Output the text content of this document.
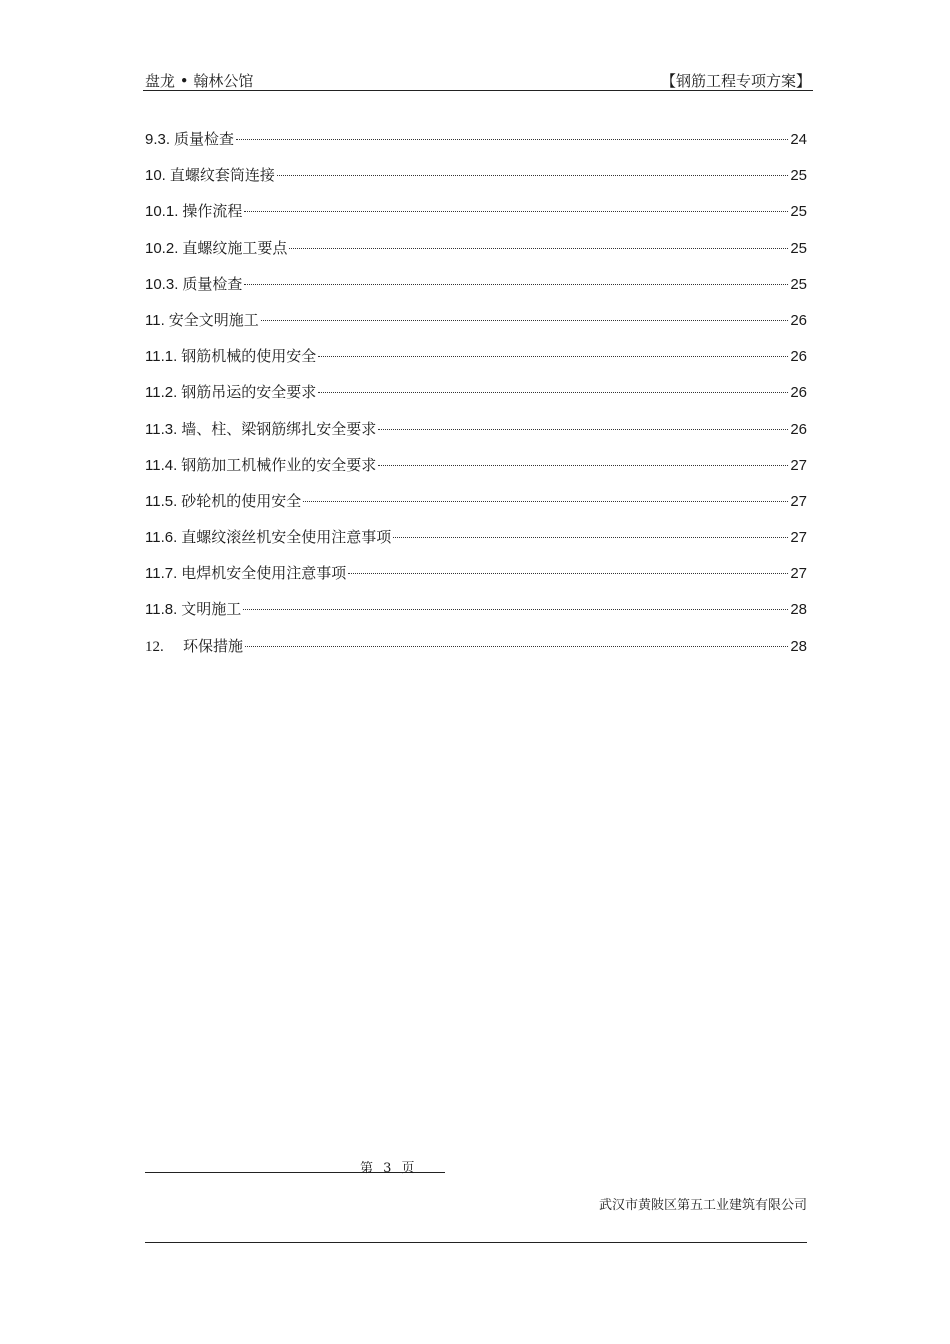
盘龙 • 翰林公馆	【钢筋工程专项方案】
9.3. 质量检查	24
10. 直螺纹套筒连接	25
10.1. 操作流程	25
10.2. 直螺纹施工要点	25
10.3. 质量检查	25
11. 安全文明施工	26
11.1. 钢筋机械的使用安全	26
11.2. 钢筋吊运的安全要求	26
11.3. 墙、柱、梁钢筋绑扎安全要求	26
11.4. 钢筋加工机械作业的安全要求	27
11.5. 砂轮机的使用安全	27
11.6. 直螺纹滚丝机安全使用注意事项	27
11.7. 电焊机安全使用注意事项	27
11.8. 文明施工	28
12.	环保措施	28
第 3 页
武汉市黄陂区第五工业建筑有限公司
